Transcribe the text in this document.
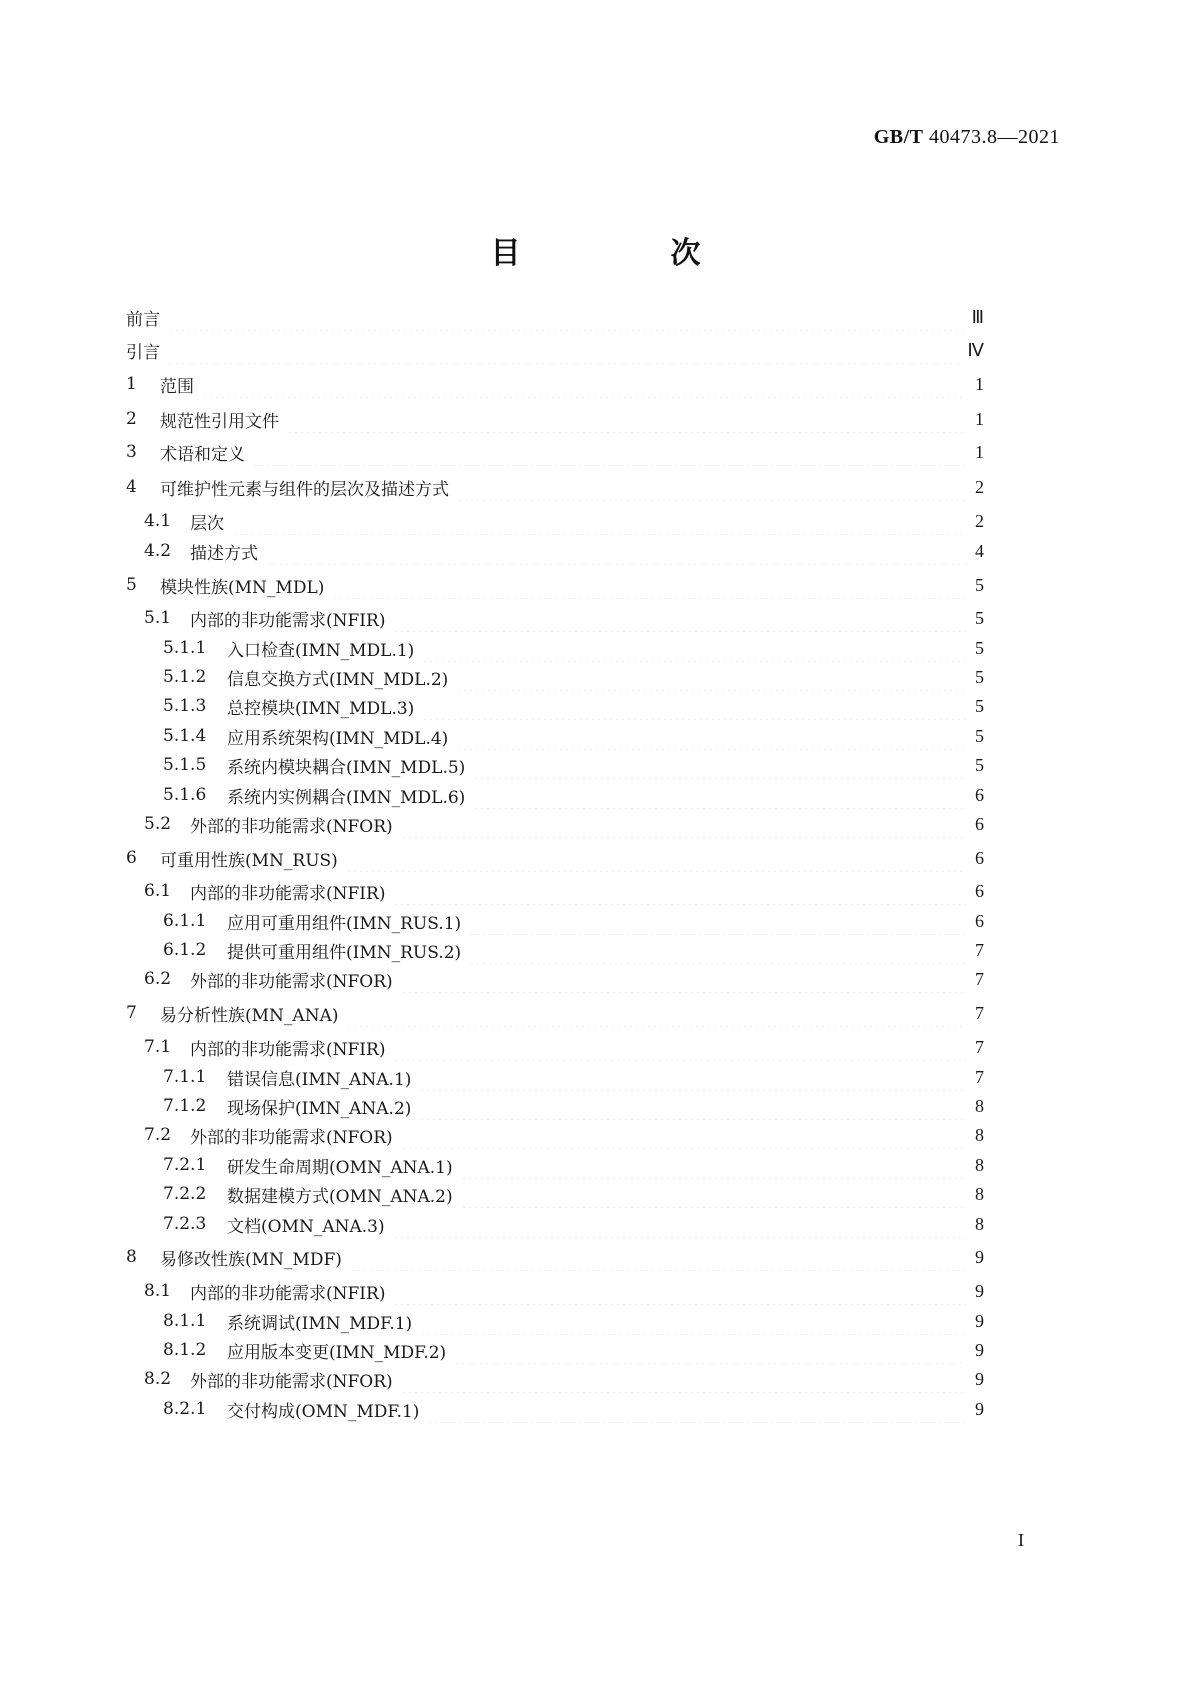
GB/T 40473.8—2021
目　次
前言	Ⅲ
引言	Ⅳ
1	范围	1
2	规范性引用文件	1
3	术语和定义	1
4	可维护性元素与组件的层次及描述方式	2
4.1 层次	2
4.2 描述方式	4
5	模块性族(MN_MDL)	5
5.1 内部的非功能需求(NFIR)	5
5.1.1 入口检查(IMN_MDL.1)	5
5.1.2 信息交换方式(IMN_MDL.2)	5
5.1.3 总控模块(IMN_MDL.3)	5
5.1.4 应用系统架构(IMN_MDL.4)	5
5.1.5 系统内模块耦合(IMN_MDL.5)	5
5.1.6 系统内实例耦合(IMN_MDL.6)	6
5.2 外部的非功能需求(NFOR)	6
6	可重用性族(MN_RUS)	6
6.1 内部的非功能需求(NFIR)	6
6.1.1 应用可重用组件(IMN_RUS.1)	6
6.1.2 提供可重用组件(IMN_RUS.2)	7
6.2 外部的非功能需求(NFOR)	7
7	易分析性族(MN_ANA)	7
7.1 内部的非功能需求(NFIR)	7
7.1.1 错误信息(IMN_ANA.1)	7
7.1.2 现场保护(IMN_ANA.2)	8
7.2 外部的非功能需求(NFOR)	8
7.2.1 研发生命周期(OMN_ANA.1)	8
7.2.2 数据建模方式(OMN_ANA.2)	8
7.2.3 文档(OMN_ANA.3)	8
8	易修改性族(MN_MDF)	9
8.1 内部的非功能需求(NFIR)	9
8.1.1 系统调试(IMN_MDF.1)	9
8.1.2 应用版本变更(IMN_MDF.2)	9
8.2 外部的非功能需求(NFOR)	9
8.2.1 交付构成(OMN_MDF.1)	9
I
